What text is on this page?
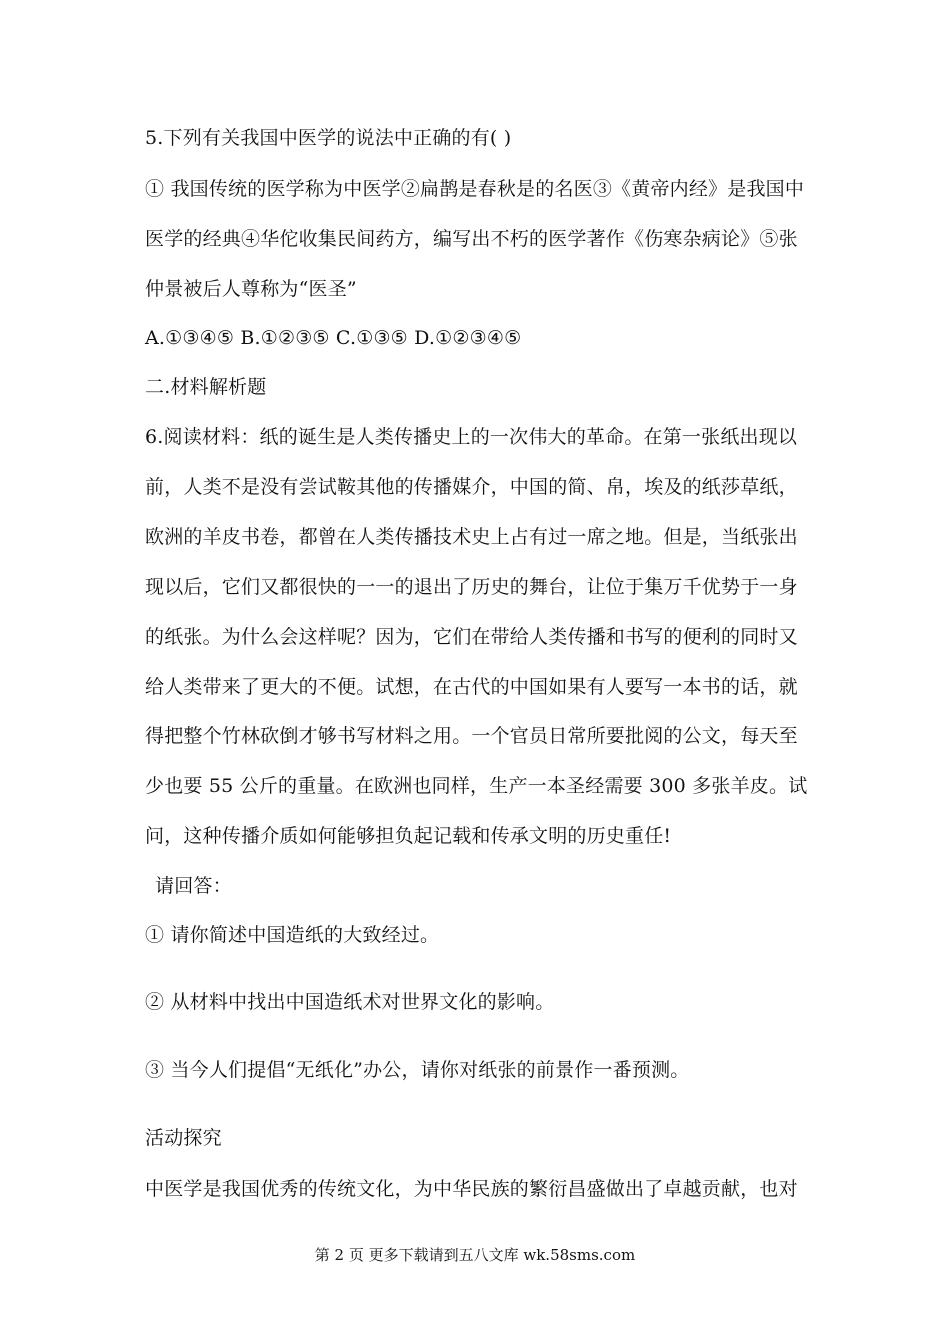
5.下列有关我国中医学的说法中正确的有( )
① 我国传统的医学称为中医学②扁鹊是春秋是的名医③《黄帝内经》是我国中
医学的经典④华佗收集民间药方，编写出不朽的医学著作《伤寒杂病论》⑤张
仲景被后人尊称为“医圣”
A.①③④⑤ B.①②③⑤ C.①③⑤ D.①②③④⑤
二.材料解析题
6.阅读材料：纸的诞生是人类传播史上的一次伟大的革命。在第一张纸出现以
前，人类不是没有尝试鞍其他的传播媒介，中国的简、帛，埃及的纸莎草纸，
欧洲的羊皮书卷，都曾在人类传播技术史上占有过一席之地。但是，当纸张出
现以后，它们又都很快的一一的退出了历史的舞台，让位于集万千优势于一身
的纸张。为什么会这样呢？因为，它们在带给人类传播和书写的便利的同时又
给人类带来了更大的不便。试想，在古代的中国如果有人要写一本书的话，就
得把整个竹林砍倒才够书写材料之用。一个官员日常所要批阅的公文，每天至
少也要 55 公斤的重量。在欧洲也同样，生产一本圣经需要 300 多张羊皮。试
问，这种传播介质如何能够担负起记载和传承文明的历史重任!
请回答：
① 请你简述中国造纸的大致经过。
② 从材料中找出中国造纸术对世界文化的影响。
③ 当今人们提倡“无纸化”办公，请你对纸张的前景作一番预测。
活动探究
中医学是我国优秀的传统文化，为中华民族的繁衍昌盛做出了卓越贡献，也对
第 2 页 更多下载请到五八文库 wk.58sms.com
